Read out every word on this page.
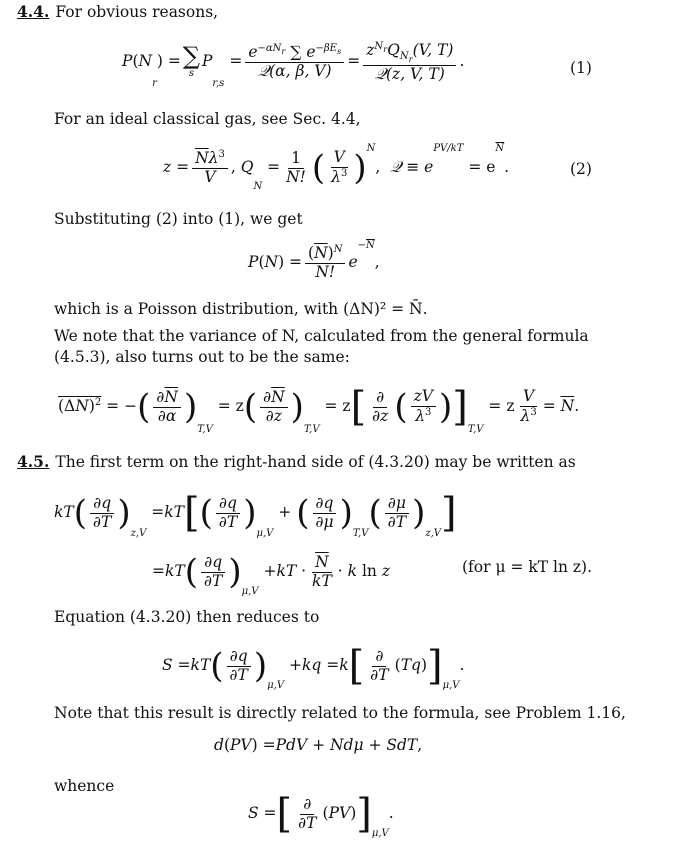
4.4. For obvious reasons,
P ( N
r
) = ∑
s
P
r,s
= $\frac{e^{-\alpha N_r} \sum e^{-\beta E_s}}{\text{𝒬(α, β, V)}} = \frac{z^{N_r}Q_{N_r}(V, T)}{\text{𝒬(z, V, T)}}$ .	(1)
For an ideal classical gas, see Sec. 4.4,
$z = \frac{\overline{N}\lambda^3}{V}$ , Q
N
= $\frac{1}{N!}$ ( $\frac{V}{\lambda^3}$ ) N
, 𝒬 ≡ e
PV/kT
= e
$\overline{N}$
.	(2)
Substituting (2) into (1), we get
P ( N ) = $\frac{(\overline{N})^N}{N!}$ e
$-\overline{N}$
,
which is a Poisson distribution, with (ΔN)² = N̄.
We note that the variance of N, calculated from the general formula
(4.5.3), also turns out to be the same:
$(\Delta N)^2$ = − ( $\frac{\partial\overline{N}}{\partial\alpha}$ )
T,V
= z ( $\frac{\partial\overline{N}}{\partial z}$ )
T,V
= z [ $\frac{\partial}{\partial z}$ ( $\frac{zV}{\lambda^3}$ ) ] T,V
= z $\frac{V}{\lambda^3} = \overline{N}$.
4.5. The first term on the right-hand side of (4.3.20) may be written as
kT ( $\frac{\partial q}{\partial T}$ ) z,V
= kT [ ( $\frac{\partial q}{\partial T}$ ) μ,V
+ ( $\frac{\partial q}{\partial\mu}$ ) T,V ( $\frac{\partial\mu}{\partial T}$ ) z,V ]
= kT ( $\frac{\partial q}{\partial T}$ ) μ,V
+ kT · $\frac{\overline{N}}{kT} \cdot k$ ln z	(for μ = kT ln z).
Equation (4.3.20) then reduces to
S = kT ( $\frac{\partial q}{\partial T}$ ) μ,V
+ kq = k [ $\frac{\partial}{\partial T}$ ( Tq ) ] μ,V
.
Note that this result is directly related to the formula, see Problem 1.16,
d ( PV ) = PdV + Ndμ + SdT ,
whence
S = [ $\frac{\partial}{\partial T}$ ( PV ) ] μ,V
.
